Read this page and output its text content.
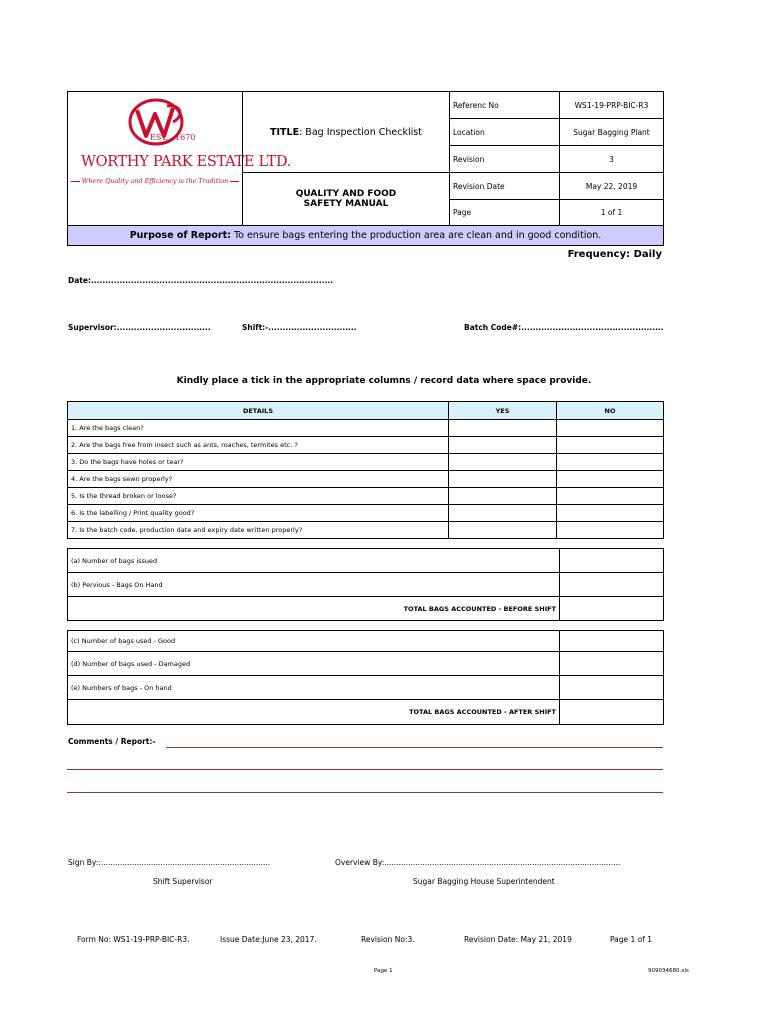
EST. 1670
WORTHY PARK ESTATE LTD.
Where Quality and Efficiency is the Tradition	TITLE: Bag Inspection Checklist	Referenc No	WS1-19-PRP-BIC-R3
		Location	Sugar Bagging Plant
		Revision	3
	QUALITY AND FOOD SAFETY MANUAL	Revision Date	May 22, 2019
		Page	1 of 1
Purpose of Report: To ensure bags entering the production area are clean and in good condition.			
Frequency: Daily
Date:.....................................................................................
Supervisor:.................................	Shift:-...............................	Batch Code#:..................................................
Kindly place a tick in the appropriate columns / record data where space provide.
DETAILS	YES	NO
1. Are the bags clean?		
2. Are the bags free from insect such as ants, roaches, termites etc. ?		
3. Do the bags have holes or tear?		
4. Are the bags sewn properly?		
5. Is the thread broken or loose?		
6. Is the labelling / Print quality good?		
7. Is the batch code, production date and expiry date written properly?		
(a) Number of bags issued	
(b) Pervious - Bags On Hand	
TOTAL BAGS ACCOUNTED - BEFORE SHIFT	
(c) Number of bags used - Good	
(d) Number of bags used - Damaged	
(e) Numbers of bags - On hand	
TOTAL BAGS ACCOUNTED - AFTER SHIFT	
Comments / Report:-
Sign By::.......................................................................
Shift Supervisor
Overview By:...................................................................................................
Sugar Bagging House Superintendent
Form No: WS1-19-PRP-BIC-R3.	Issue Date:June 23, 2017.	Revision No:3.	Revision Date: May 21, 2019	Page 1 of 1
Page 1	909034680.xls
